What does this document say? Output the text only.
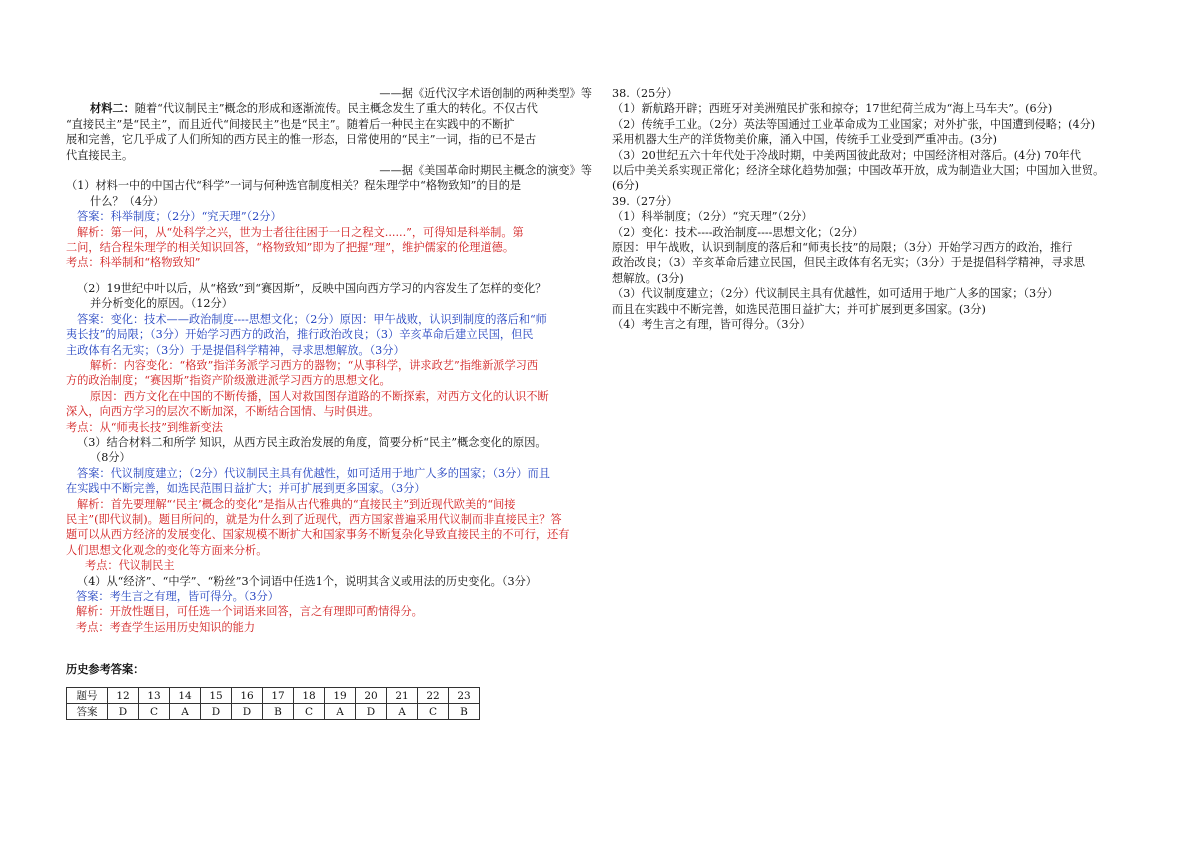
——据《近代汉字术语创制的两种类型》等
材料二：随着“代议制民主”概念的形成和逐渐流传。民主概念发生了重大的转化。不仅古代
“直接民主”是“民主”，而且近代“间接民主”也是“民主”。随着后一种民主在实践中的不断扩
展和完善，它几乎成了人们所知的西方民主的惟一形态，日常使用的“民主”一词，指的已不是古
代直接民主。
——据《美国革命时期民主概念的演变》等
（1）材料一中的中国古代“科学”一词与何种选官制度相关？程朱理学中“格物致知”的目的是
什么？（4分）
答案：科举制度；（2分）“究天理”（2分）
解析：第一问，从“处科学之兴，世为士者往往困于一日之程文......”，可得知是科举制。第
二问，结合程朱理学的相关知识回答，“格物致知”即为了把握“理”，维护儒家的伦理道德。
考点：科举制和“格物致知”
（2）19世纪中叶以后，从“格致”到“赛因斯”，反映中国向西方学习的内容发生了怎样的变化？
并分析变化的原因。（12分）
答案：变化：技术——政治制度----思想文化；（2分）原因：甲午战败，认识到制度的落后和“师
夷长技”的局限；（3分）开始学习西方的政治，推行政治改良；（3）辛亥革命后建立民国，但民
主政体有名无实；（3分）于是提倡科学精神，寻求思想解放。（3分）
解析：内容变化：“格致”指洋务派学习西方的器物；“从事科学，讲求政艺”指维新派学习西
方的政治制度；“赛因斯”指资产阶级激进派学习西方的思想文化。
原因：西方文化在中国的不断传播，国人对救国图存道路的不断探索，对西方文化的认识不断
深入，向西方学习的层次不断加深，不断结合国情、与时俱进。
考点：从“师夷长技”到维新变法
（3）结合材料二和所学 知识，从西方民主政治发展的角度，简要分析“民主”概念变化的原因。
（8分）
答案：代议制度建立；（2分）代议制民主具有优越性，如可适用于地广人多的国家；（3分）而且
在实践中不断完善，如选民范围日益扩大；并可扩展到更多国家。（3分）
解析：首先要理解“‘民主’概念的变化”是指从古代雅典的“直接民主”到近现代欧美的“间接
民主”(即代议制)。题目所问的，就是为什么到了近现代，西方国家普遍采用代议制而非直接民主？答
题可以从西方经济的发展变化、国家规模不断扩大和国家事务不断复杂化导致直接民主的不可行，还有
人们思想文化观念的变化等方面来分析。
考点：代议制民主
（4）从“经济”、“中学”、“粉丝”3个词语中任选1个，说明其含义或用法的历史变化。（3分）
答案：考生言之有理，皆可得分。（3分）
解析：开放性题目，可任选一个词语来回答，言之有理即可酌情得分。
考点：考查学生运用历史知识的能力
历史参考答案：
题号	12	13	14	15	16	17	18	19	20	21	22	23
答案	D	C	A	D	D	B	C	A	D	A	C	B
38.（25分）
（1）新航路开辟；西班牙对美洲殖民扩张和掠夺；17世纪荷兰成为“海上马车夫”。(6分)
（2）传统手工业。（2分）英法等国通过工业革命成为工业国家；对外扩张，中国遭到侵略；(4分)
采用机器大生产的洋货物美价廉，涌入中国，传统手工业受到严重冲击。(3分)
（3）20世纪五六十年代处于冷战时期，中美两国彼此敌对；中国经济相对落后。(4分) 70年代
以后中美关系实现正常化；经济全球化趋势加强；中国改革开放，成为制造业大国；中国加入世贸。
(6分)
39.（27分）
（1）科举制度；（2分）“究天理”（2分）
（2）变化：技术----政治制度----思想文化；（2分）
原因：甲午战败，认识到制度的落后和“师夷长技”的局限；（3分）开始学习西方的政治，推行
政治改良；（3）辛亥革命后建立民国，但民主政体有名无实；（3分）于是提倡科学精神，寻求思
想解放。(3分)
（3）代议制度建立；（2分）代议制民主具有优越性，如可适用于地广人多的国家；（3分）
而且在实践中不断完善，如选民范围日益扩大；并可扩展到更多国家。(3分)
（4）考生言之有理，皆可得分。（3分）
